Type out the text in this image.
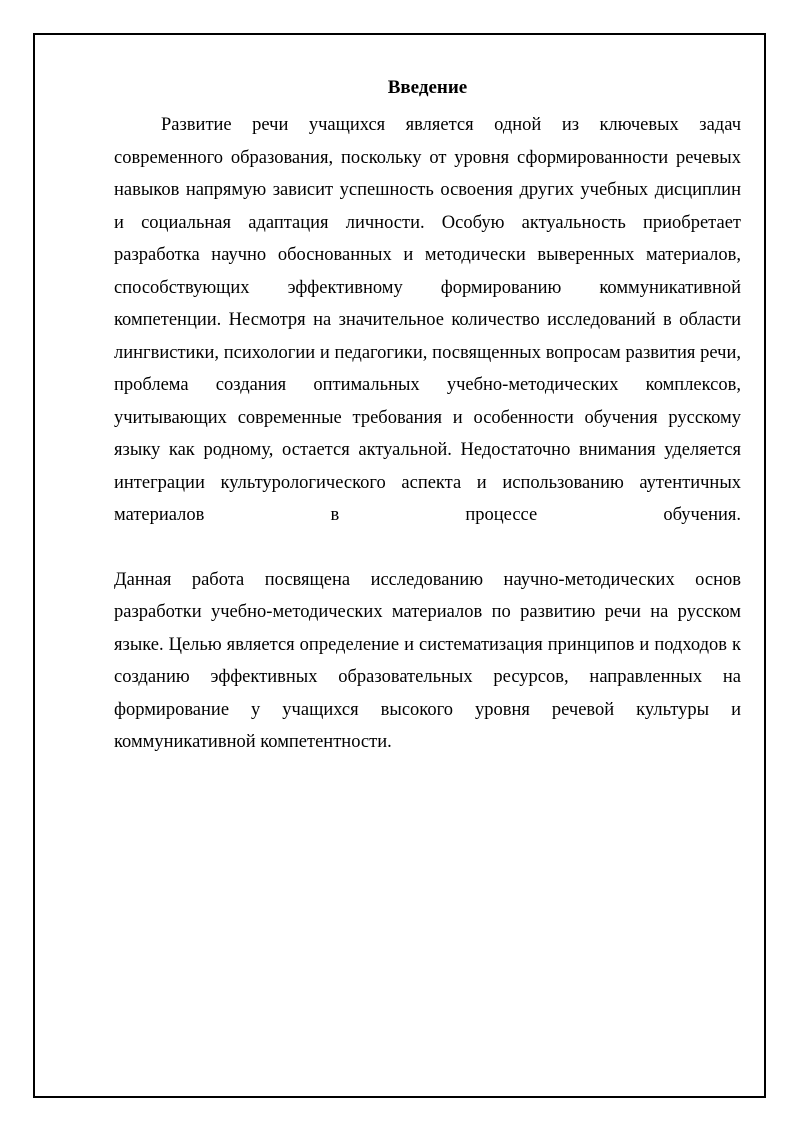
Введение

Развитие речи учащихся является одной из ключевых задач современного образования, поскольку от уровня сформированности речевых навыков напрямую зависит успешность освоения других учебных дисциплин и социальная адаптация личности. Особую актуальность приобретает разработка научно обоснованных и методически выверенных материалов, способствующих эффективному формированию коммуникативной компетенции. Несмотря на значительное количество исследований в области лингвистики, психологии и педагогики, посвященных вопросам развития речи, проблема создания оптимальных учебно-методических комплексов, учитывающих современные требования и особенности обучения русскому языку как родному, остается актуальной. Недостаточно внимания уделяется интеграции культурологического аспекта и использованию аутентичных материалов в процессе обучения.

Данная работа посвящена исследованию научно-методических основ разработки учебно-методических материалов по развитию речи на русском языке. Целью является определение и систематизация принципов и подходов к созданию эффективных образовательных ресурсов, направленных на формирование у учащихся высокого уровня речевой культуры и коммуникативной компетентности.
